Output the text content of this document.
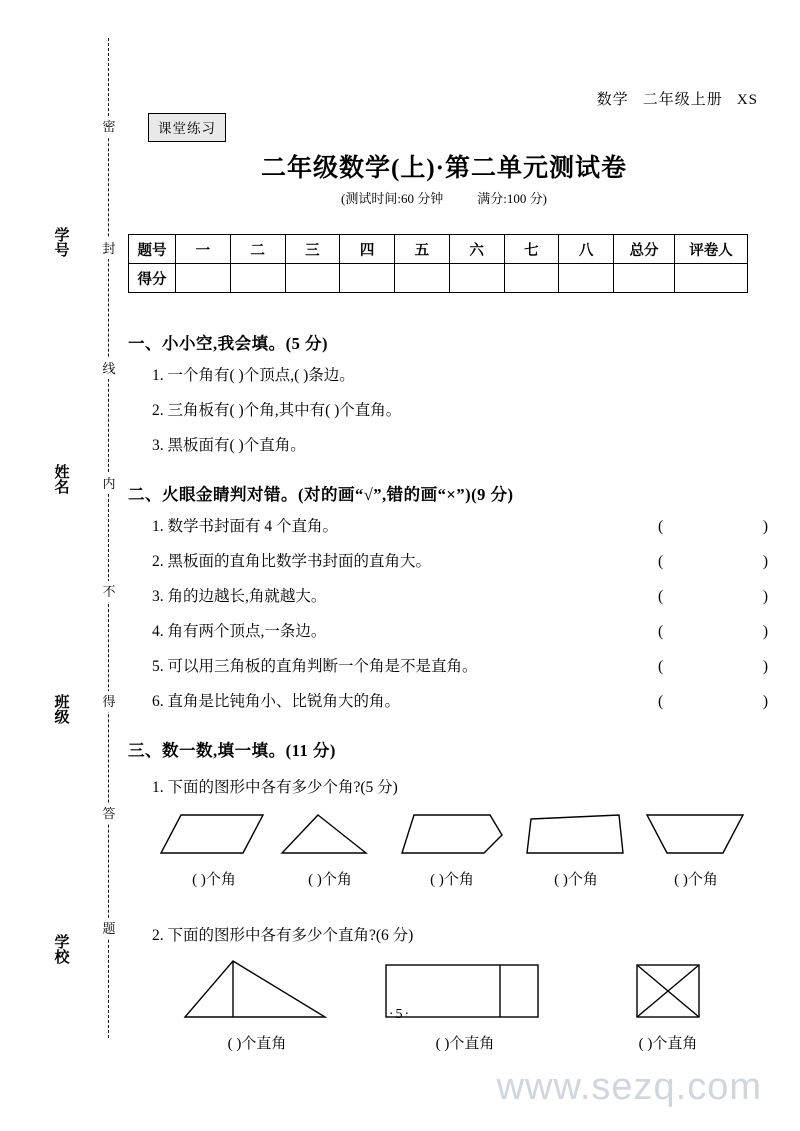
密
封
线
内
不
得
答
题
学
号
姓
名
班
级
学
校
数学 二年级上册 XS
课堂练习
二年级数学(上)·第二单元测试卷
(测试时间:60 分钟	满分:100 分)
题号	一	二	三	四	五	六	七	八	总分	评卷人
得分										
一、小小空,我会填。(5 分)
1. 一个角有( )个顶点,( )条边。
2. 三角板有( )个角,其中有( )个直角。
3. 黑板面有( )个直角。
二、火眼金睛判对错。(对的画“√”,错的画“×”)(9 分)
1. 数学书封面有 4 个直角。	(	)
2. 黑板面的直角比数学书封面的直角大。	(	)
3. 角的边越长,角就越大。	(	)
4. 角有两个顶点,一条边。	(	)
5. 可以用三角板的直角判断一个角是不是直角。	(	)
6. 直角是比钝角小、比锐角大的角。	(	)
三、数一数,填一填。(11 分)
1. 下面的图形中各有多少个角?(5 分)
( )个角	( )个角	( )个角	( )个角	( )个角
2. 下面的图形中各有多少个直角?(6 分)
( )个直角	( )个直角	( )个直角
·5·
www.sezq.com
